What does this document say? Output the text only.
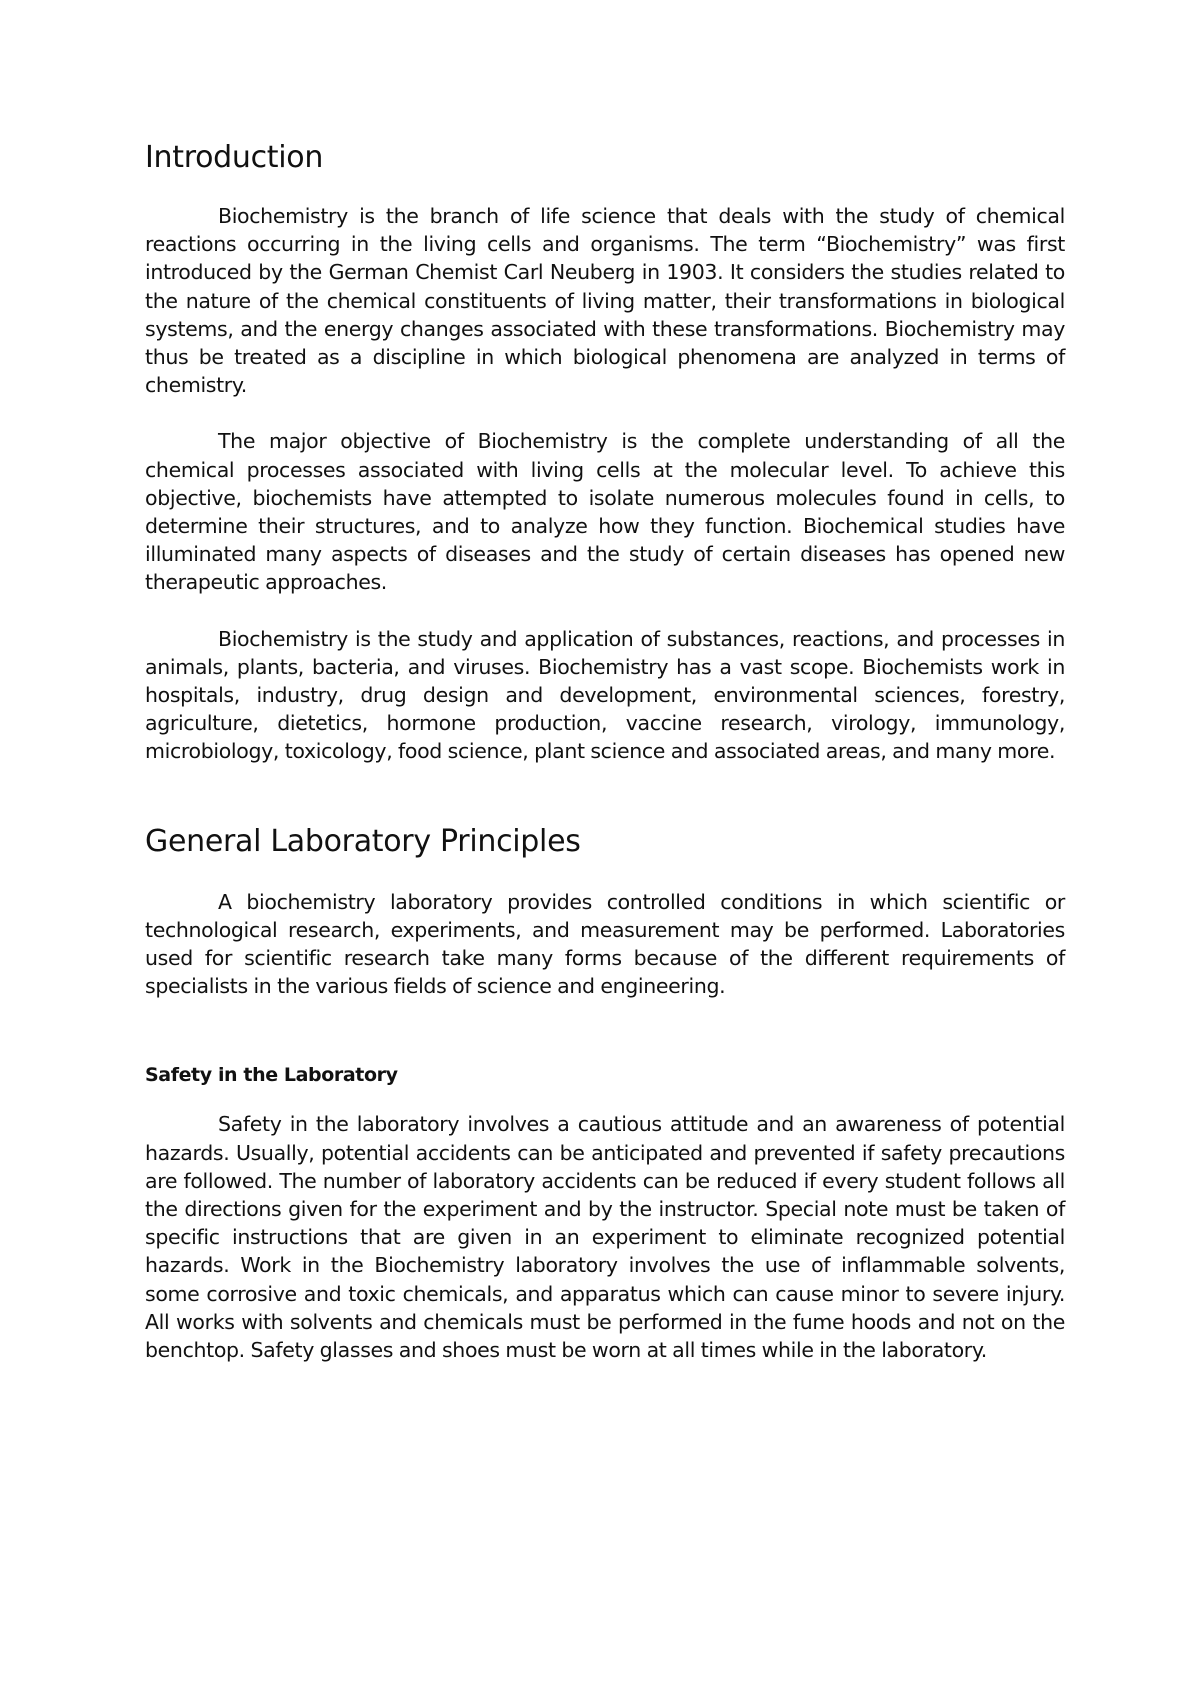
Introduction

Biochemistry is the branch of life science that deals with the study of chemical reactions occurring in the living cells and organisms. The term “Biochemistry” was first introduced by the German Chemist Carl Neuberg in 1903. It considers the studies related to the nature of the chemical constituents of living matter, their transformations in biological systems, and the energy changes associated with these transformations. Biochemistry may thus be treated as a discipline in which biological phenomena are analyzed in terms of chemistry.

The major objective of Biochemistry is the complete understanding of all the chemical processes associated with living cells at the molecular level. To achieve this objective, biochemists have attempted to isolate numerous molecules found in cells, to determine their structures, and to analyze how they function. Biochemical studies have illuminated many aspects of diseases and the study of certain diseases has opened new therapeutic approaches.

Biochemistry is the study and application of substances, reactions, and processes in animals, plants, bacteria, and viruses. Biochemistry has a vast scope. Biochemists work in hospitals, industry, drug design and development, environmental sciences, forestry, agriculture, dietetics, hormone production, vaccine research, virology, immunology, microbiology, toxicology, food science, plant science and associated areas, and many more.

General Laboratory Principles

A biochemistry laboratory provides controlled conditions in which scientific or technological research, experiments, and measurement may be performed. Laboratories used for scientific research take many forms because of the different requirements of specialists in the various fields of science and engineering.

Safety in the Laboratory

Safety in the laboratory involves a cautious attitude and an awareness of potential hazards. Usually, potential accidents can be anticipated and prevented if safety precautions are followed. The number of laboratory accidents can be reduced if every student follows all the directions given for the experiment and by the instructor. Special note must be taken of specific instructions that are given in an experiment to eliminate recognized potential hazards. Work in the Biochemistry laboratory involves the use of inflammable solvents, some corrosive and toxic chemicals, and apparatus which can cause minor to severe injury. All works with solvents and chemicals must be performed in the fume hoods and not on the benchtop. Safety glasses and shoes must be worn at all times while in the laboratory.
